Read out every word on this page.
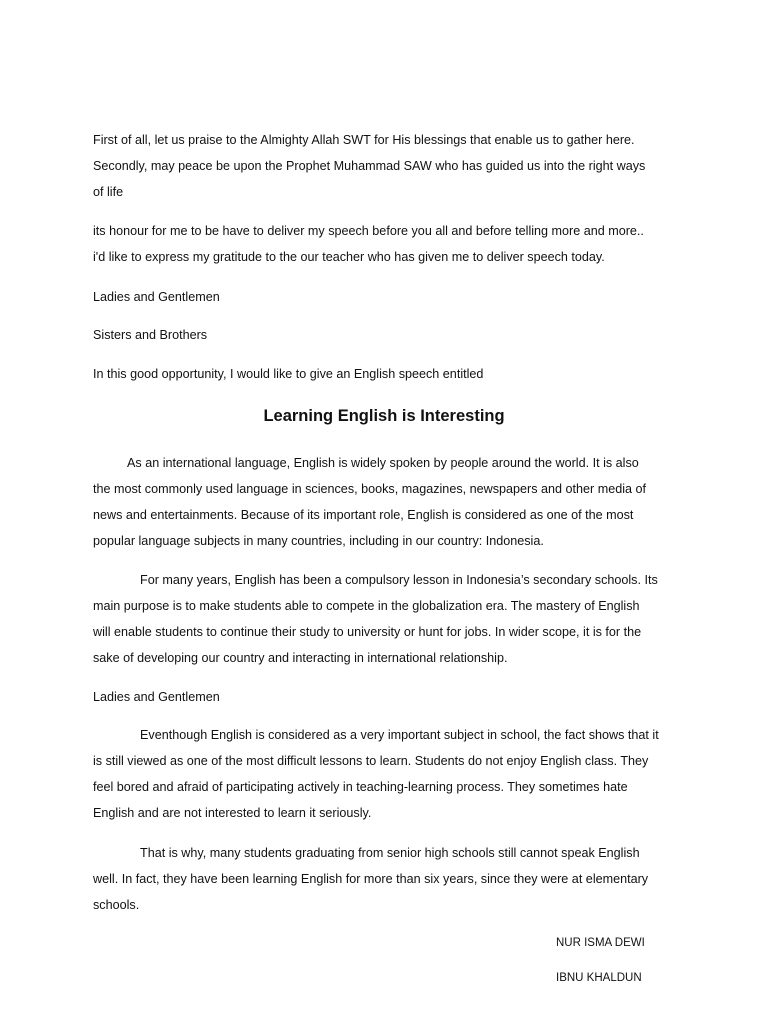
First of all, let us praise to the Almighty Allah SWT for His blessings that enable us to gather here.

Secondly, may peace be upon the Prophet Muhammad SAW who has guided us into the right ways

of life

its honour for me to be have to deliver my speech before you all and before telling more and more..

i'd like to express my gratitude to the our teacher who has given me to deliver speech today.

Ladies and Gentlemen

Sisters and Brothers

In this good opportunity, I would like to give an English speech entitled

Learning English is Interesting

As an international language, English is widely spoken by people around the world. It is also

the most commonly used language in sciences, books, magazines, newspapers and other media of

news and entertainments. Because of its important role, English is considered as one of the most

popular language subjects in many countries, including in our country: Indonesia.

For many years, English has been a compulsory lesson in Indonesia’s secondary schools. Its

main purpose is to make students able to compete in the globalization era. The mastery of English

will enable students to continue their study to university or hunt for jobs. In wider scope, it is for the

sake of developing our country and interacting in international relationship.

Ladies and Gentlemen

Eventhough English is considered as a very important subject in school, the fact shows that it

is still viewed as one of the most difficult lessons to learn. Students do not enjoy English class. They

feel bored and afraid of participating actively in teaching-learning process. They sometimes hate

English and are not interested to learn it seriously.

That is why, many students graduating from senior high schools still cannot speak English

well. In fact, they have been learning English for more than six years, since they were at elementary

schools.

NUR ISMA DEWI

IBNU KHALDUN
